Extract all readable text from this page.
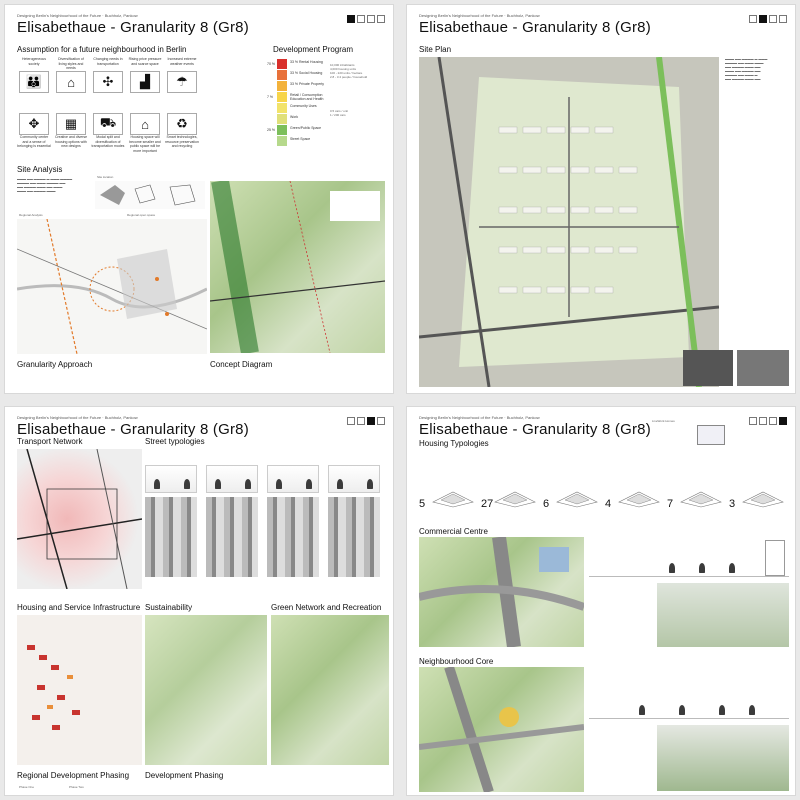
Designing Berlin's Neighbourhood of the Future · Buchholz, Pankow
Elisabethaue - Granularity 8 (Gr8)
Assumption for a future neighbourhood in Berlin
Heterogeneous society
👪
Diversification of living styles and needs
⌂
Changing needs in transportation
✣
Rising price pressure and scarce space
▟
Increased extreme weather events
☂
✥
Community center and a sense of belonging is essential
▦
Creative and diverse housing options with new designs
⛟
Modal split and diversification of transportation modes
⌂
Housing space will become smaller and public space will be more important
♻
Smart technologies, resource preservation and recycling
Development Program
70 %	33 % Rental Housing
33 % Social Housing
33 % Private Property
7 %	Retail / Consumption Education and Health
Community Uses
Work
25 %	Green/Public Space
Street Space
10,000 inhabitants
4,000 housing units
100 - 220 units / hectare
2.8 - 3.4 people / household
0.5 cars / unit
1 / 200 cars
Site Analysis
▬▬▬ ▬▬ ▬▬▬▬ ▬ ▬▬▬ ▬▬▬▬
▬▬▬▬ ▬▬ ▬▬▬ ▬▬▬▬ ▬▬
▬▬ ▬▬▬▬ ▬▬▬ ▬▬ ▬▬▬
▬▬▬ ▬▬ ▬▬▬▬ ▬▬▬
Site location
Regional Analysis	Regional open space
Granularity Approach	Concept Diagram
Designing Berlin's Neighbourhood of the Future · Buchholz, Pankow
Elisabethaue - Granularity 8 (Gr8)
Site Plan
▬▬▬ ▬▬ ▬▬▬▬ ▬ ▬▬▬
▬▬▬▬ ▬▬ ▬▬▬ ▬▬▬
▬▬ ▬▬▬▬ ▬▬▬ ▬▬
▬▬▬ ▬▬ ▬▬▬▬ ▬▬
▬▬▬▬ ▬▬ ▬▬▬ ▬
▬▬ ▬▬▬▬ ▬▬▬ ▬▬
Designing Berlin's Neighbourhood of the Future · Buchholz, Pankow
Elisabethaue - Granularity 8 (Gr8)
Transport Network	Street typologies
Housing and Service Infrastructure Sustainability	Green Network and Recreation
Regional Development Phasing
Phase One	Phase Two
Development Phasing
Designing Berlin's Neighbourhood of the Future · Buchholz, Pankow
Elisabethaue - Granularity 8 (Gr8)
Housing Typologies
LiveWork Homes
5	27	6	4	7	3
Commercial Centre
Neighbourhood Core
